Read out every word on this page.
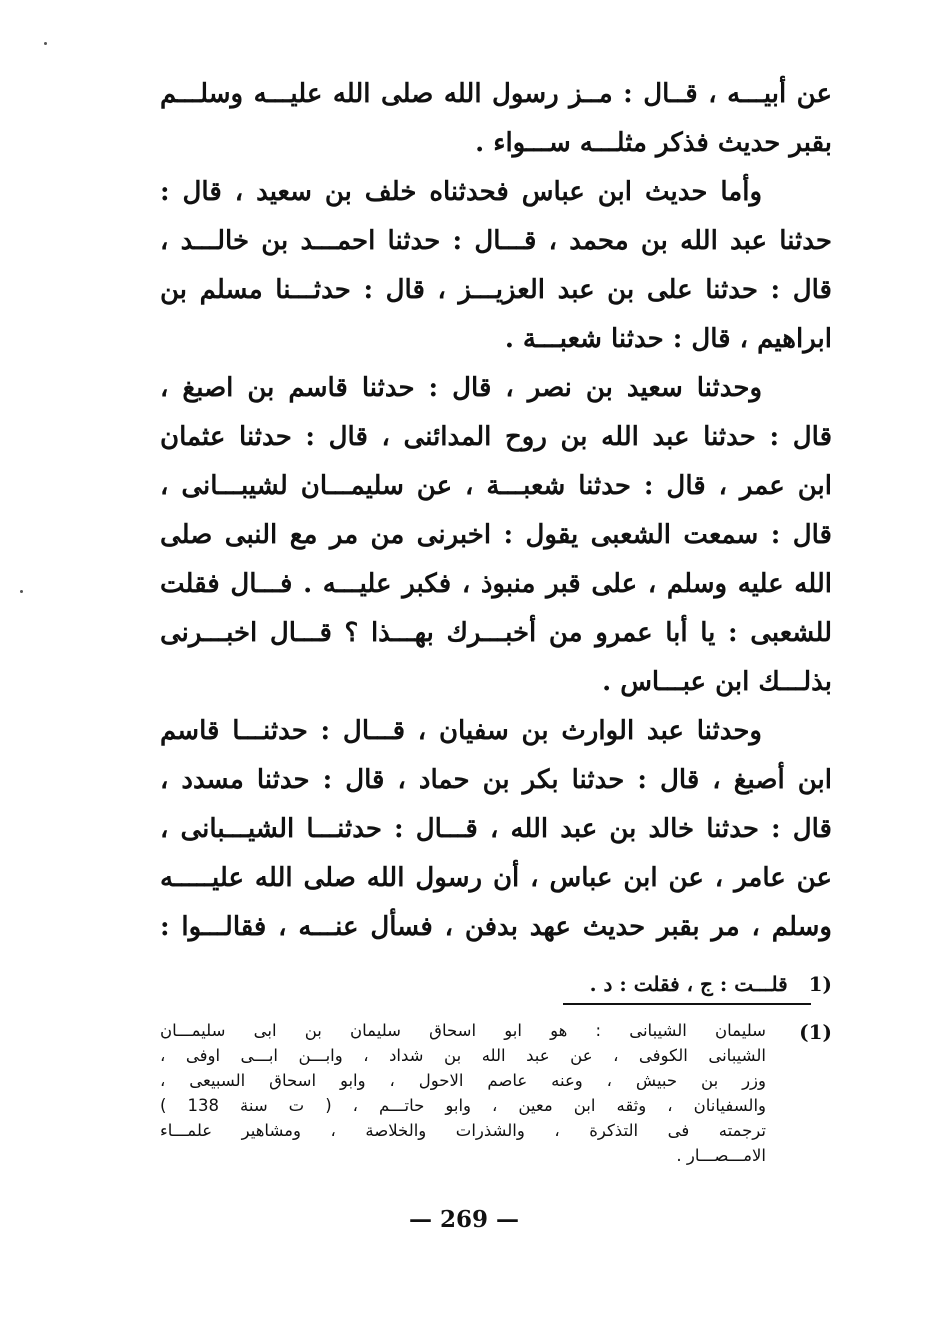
عن أبيـــه ، قــال : مــز رسول الله صلى الله عليـــه وسلـــم
بقبر حديث فذكر مثلـــه ســـواء .
وأما حديث ابن عباس فحدثناه خلف بن سعيد ، قال :
حدثنا عبد الله بن محمد ، قـــال : حدثنا احمـــد بن خالـــد ،
قال : حدثنا على بن عبد العزيـــز ، قال : حدثـــنا مسلم بن
ابراهيم ، قال : حدثنا شعبـــة .
وحدثنا سعيد بن نصر ، قال : حدثنا قاسم بن اصبغ ،
قال : حدثنا عبد الله بن روح المدائنى ، قال : حدثنا عثمان
ابن عمر ، قال : حدثنا شعبـــة ، عن سليمـــان لشيبـــانى ،
قال : سمعت الشعبى يقول : اخبرنى من مر مع النبى صلى
الله عليه وسلم ، على قبر منبوذ ، فكبر عليـــه . فـــال فقلت
للشعبى : يا أبا عمرو من أخبـــرك بهـــذا ؟ قـــال اخبـــرنى
بذلـــك ابن عبـــاس .
وحدثنا عبد الوارث بن سفيان ، قـــال : حدثنـــا قاسم
ابن أصبغ ، قال : حدثنا بكر بن حماد ، قال : حدثنا مسدد ،
قال : حدثنا خالد بن عبد الله ، قـــال : حدثنـــا الشيـــبانى ،
عن عامر ، عن ابن عباس ، أن رسول الله صلى الله عليـــــه
وسلم ، مر بقبر حديث عهد بدفن ، فسأل عنـــه ، فقالـــوا :
(1 قلـــت : ج ، فقلت : د .
(1)
سليمان الشيبانى : هو ابو اسحاق سليمان بن ابى سليمـــان
الشيبانى الكوفى ، عن عبد الله بن شداد ، وابـــن ابـــى اوفى ،
وزر بن حبيش ، وعنه عاصم الاحول ، وابو اسحاق السبيعى ،
والسفيانان ، وثقه ابن معين ، وابو حاتـــم ، ( ت سنة 138 )
ترجمته فى التذكرة ، والشذرات والخلاصة ، ومشاهير علمـــاء
الامـــصـــار .
— 269 —
